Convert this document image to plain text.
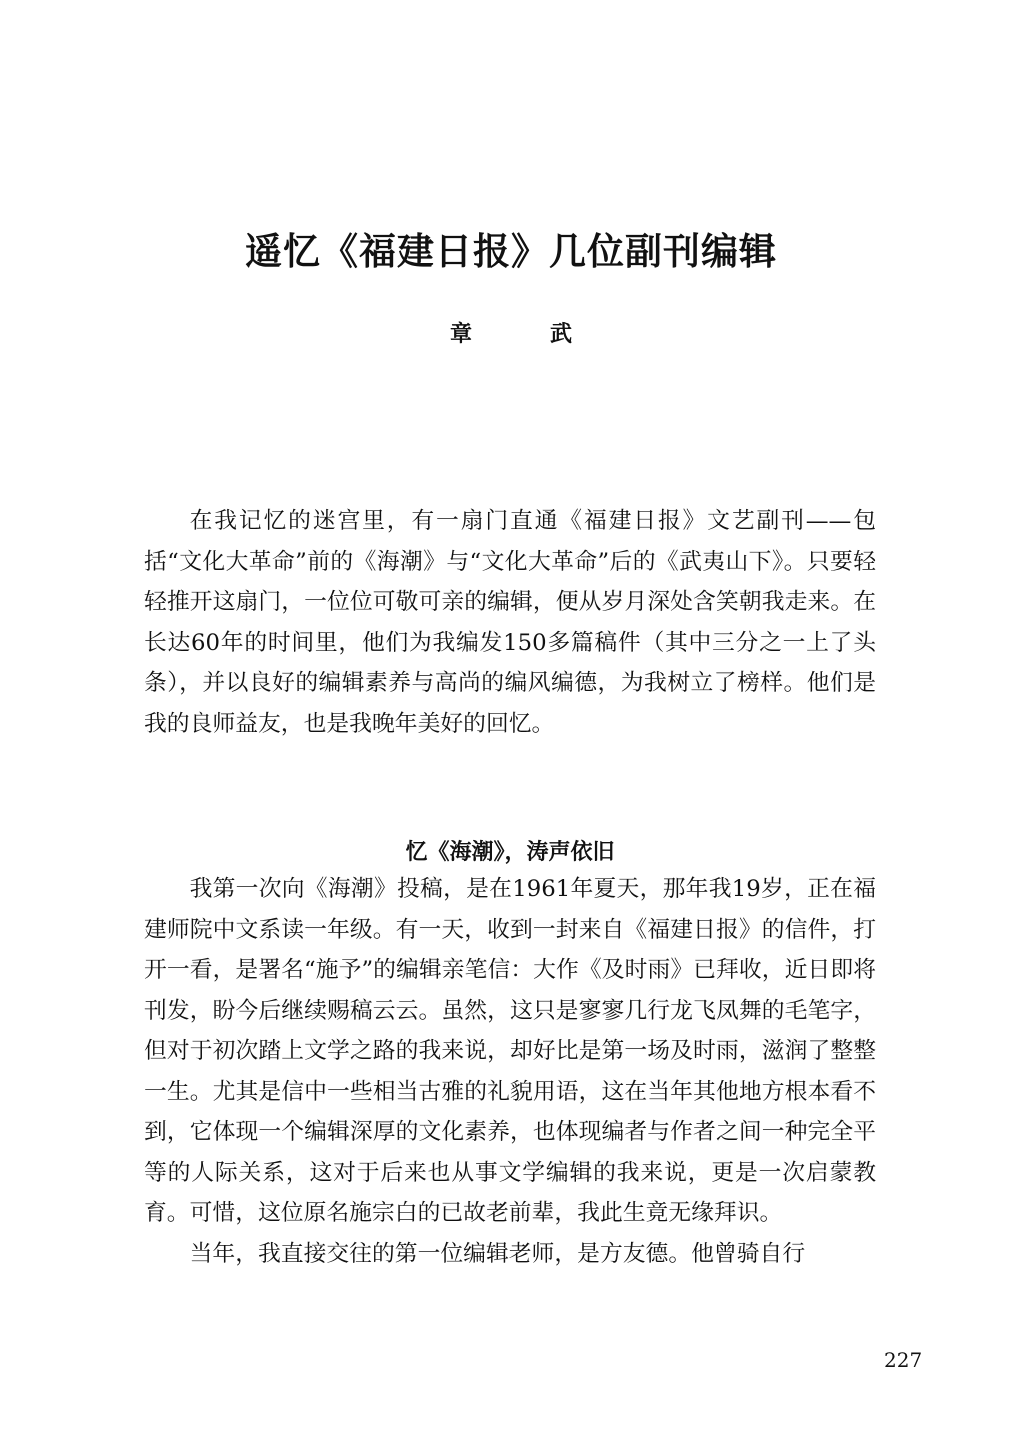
遥忆《福建日报》几位副刊编辑
章　武

在我记忆的迷宫里，有一扇门直通《福建日报》文艺副刊——包括“文化大革命”前的《海潮》与“文化大革命”后的《武夷山下》。只要轻轻推开这扇门，一位位可敬可亲的编辑，便从岁月深处含笑朝我走来。在长达60年的时间里，他们为我编发150多篇稿件（其中三分之一上了头条），并以良好的编辑素养与高尚的编风编德，为我树立了榜样。他们是我的良师益友，也是我晚年美好的回忆。

忆《海潮》，涛声依旧

我第一次向《海潮》投稿，是在1961年夏天，那年我19岁，正在福建师院中文系读一年级。有一天，收到一封来自《福建日报》的信件，打开一看，是署名“施予”的编辑亲笔信：大作《及时雨》已拜收，近日即将刊发，盼今后继续赐稿云云。虽然，这只是寥寥几行龙飞凤舞的毛笔字，但对于初次踏上文学之路的我来说，却好比是第一场及时雨，滋润了整整一生。尤其是信中一些相当古雅的礼貌用语，这在当年其他地方根本看不到，它体现一个编辑深厚的文化素养，也体现编者与作者之间一种完全平等的人际关系，这对于后来也从事文学编辑的我来说，更是一次启蒙教育。可惜，这位原名施宗白的已故老前辈，我此生竟无缘拜识。

当年，我直接交往的第一位编辑老师，是方友德。他曾骑自行

227
